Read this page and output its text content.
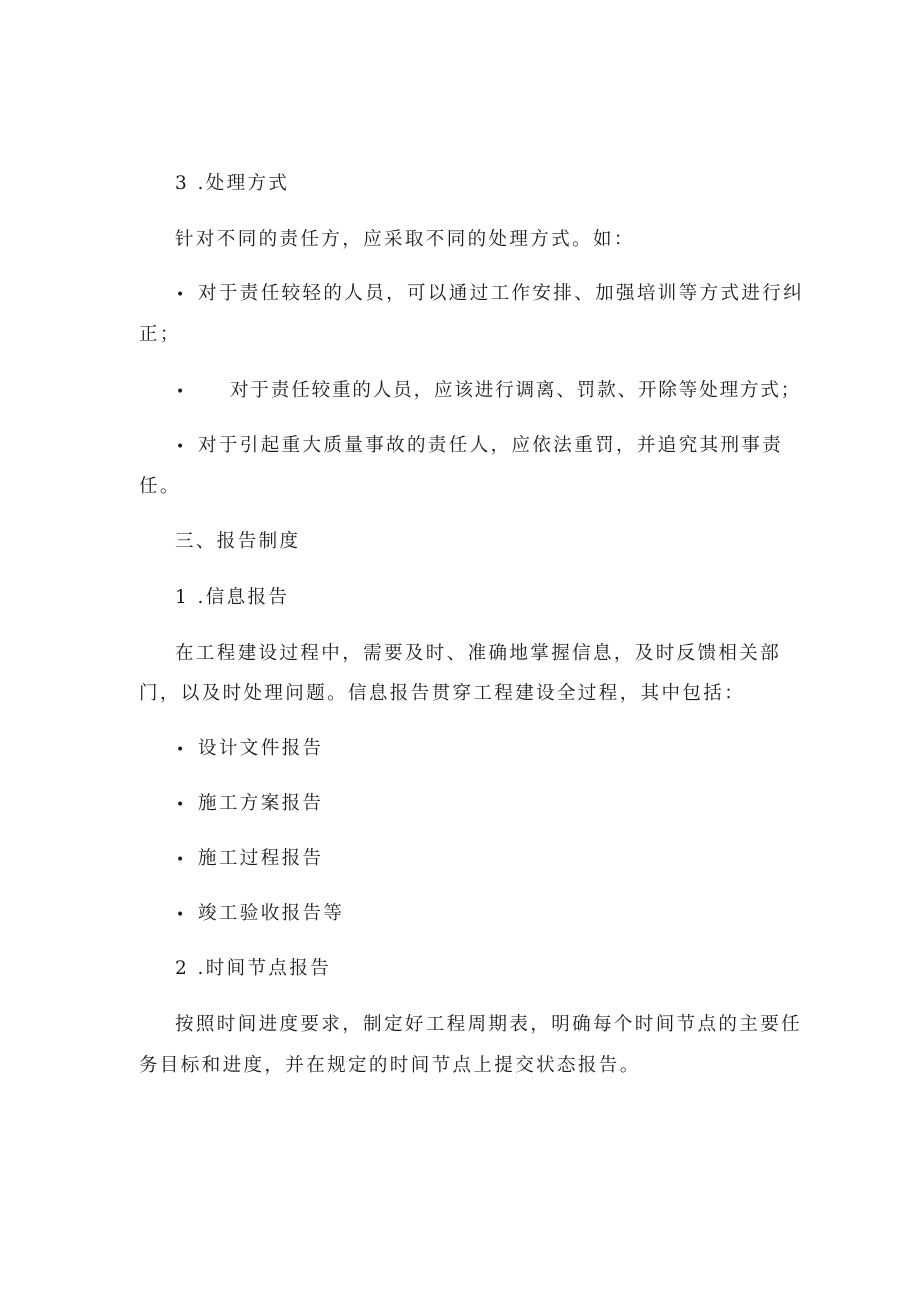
3 .处理方式
针对不同的责任方，应采取不同的处理方式。如：
• 对于责任较轻的人员，可以通过工作安排、加强培训等方式进行纠
正；
• 对于责任较重的人员，应该进行调离、罚款、开除等处理方式；
• 对于引起重大质量事故的责任人，应依法重罚，并追究其刑事责
任。
三、报告制度
1 .信息报告
在工程建设过程中，需要及时、准确地掌握信息，及时反馈相关部
门，以及时处理问题。信息报告贯穿工程建设全过程，其中包括：
• 设计文件报告
• 施工方案报告
• 施工过程报告
• 竣工验收报告等
2 .时间节点报告
按照时间进度要求，制定好工程周期表，明确每个时间节点的主要任
务目标和进度，并在规定的时间节点上提交状态报告。
